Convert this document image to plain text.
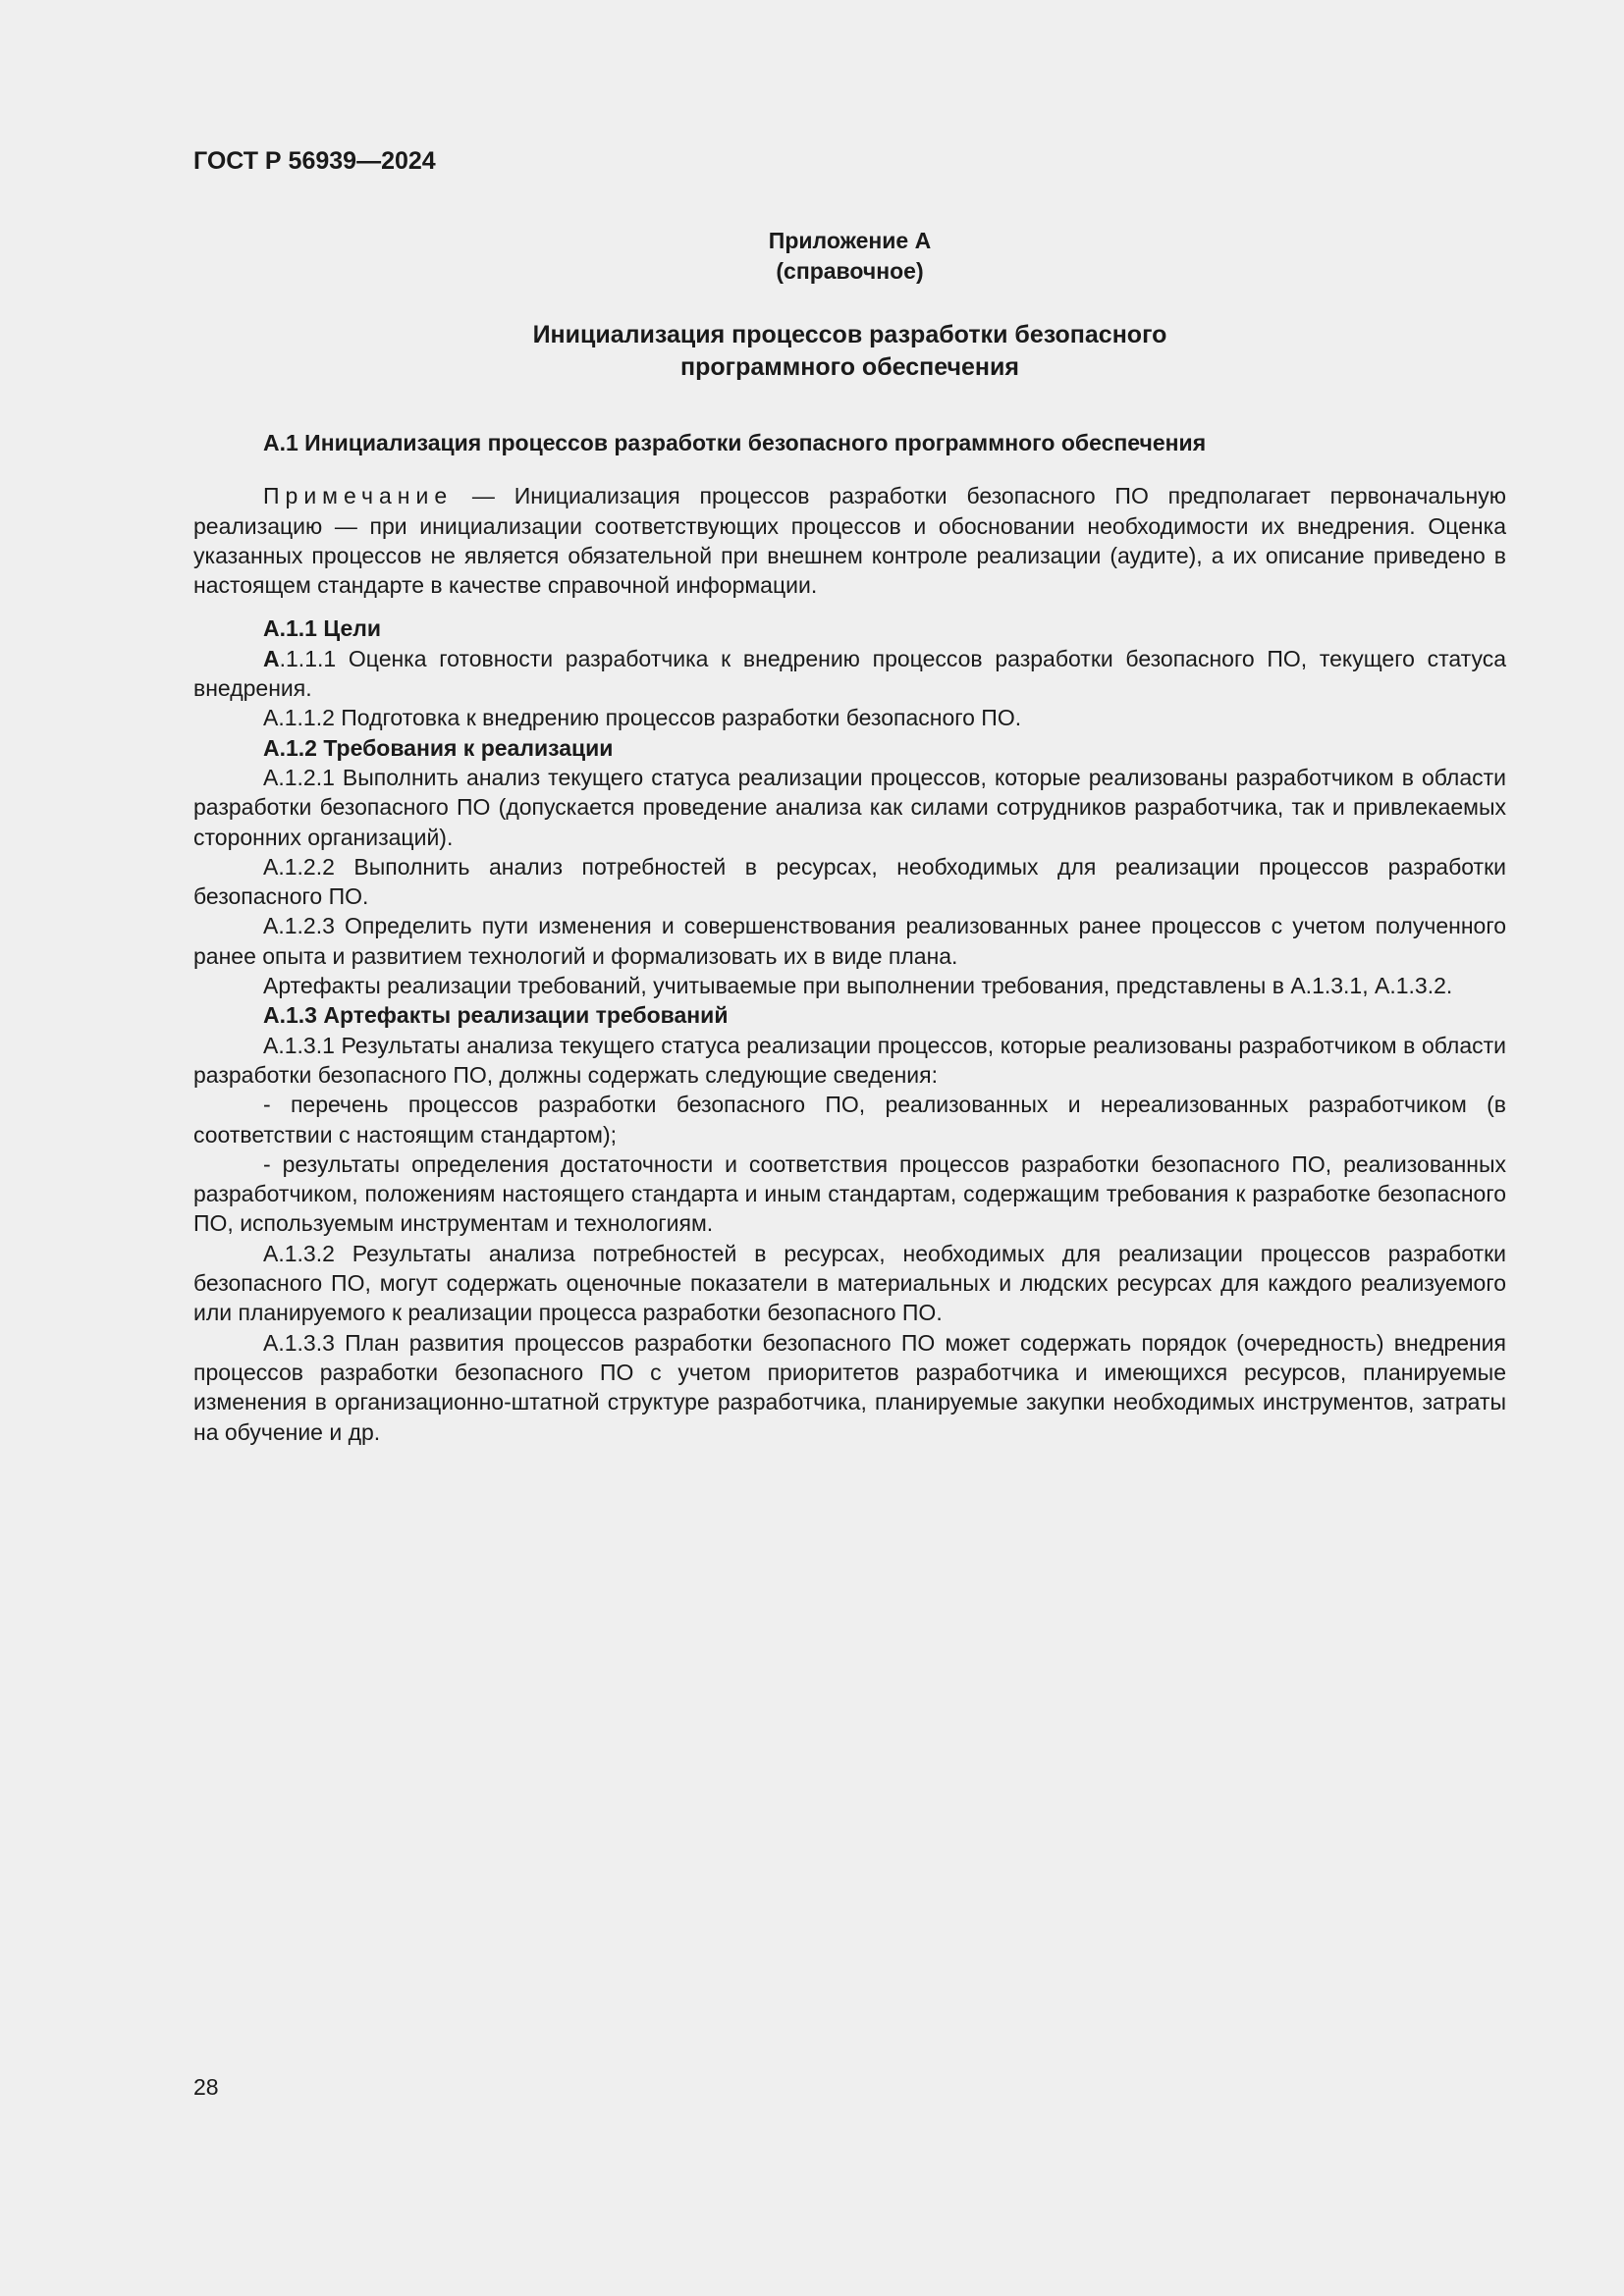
ГОСТ Р 56939—2024
Приложение А
(справочное)
Инициализация процессов разработки безопасного
программного обеспечения

А.1 Инициализация процессов разработки безопасного программного обеспечения

Примечание — Инициализация процессов разработки безопасного ПО предполагает первоначальную реализацию — при инициализации соответствующих процессов и обосновании необходимости их внедрения. Оценка указанных процессов не является обязательной при внешнем контроле реализации (аудите), а их описание приведено в настоящем стандарте в качестве справочной информации.

А.1.1 Цели

А.1.1.1 Оценка готовности разработчика к внедрению процессов разработки безопасного ПО, текущего статуса внедрения.

А.1.1.2 Подготовка к внедрению процессов разработки безопасного ПО.

А.1.2 Требования к реализации

А.1.2.1 Выполнить анализ текущего статуса реализации процессов, которые реализованы разработчиком в области разработки безопасного ПО (допускается проведение анализа как силами сотрудников разработчика, так и привлекаемых сторонних организаций).

А.1.2.2 Выполнить анализ потребностей в ресурсах, необходимых для реализации процессов разработки безопасного ПО.

А.1.2.3 Определить пути изменения и совершенствования реализованных ранее процессов с учетом полученного ранее опыта и развитием технологий и формализовать их в виде плана.

Артефакты реализации требований, учитываемые при выполнении требования, представлены в А.1.3.1, А.1.3.2.

А.1.3 Артефакты реализации требований

А.1.3.1 Результаты анализа текущего статуса реализации процессов, которые реализованы разработчиком в области разработки безопасного ПО, должны содержать следующие сведения:

- перечень процессов разработки безопасного ПО, реализованных и нереализованных разработчиком (в соответствии с настоящим стандартом);

- результаты определения достаточности и соответствия процессов разработки безопасного ПО, реализованных разработчиком, положениям настоящего стандарта и иным стандартам, содержащим требования к разработке безопасного ПО, используемым инструментам и технологиям.

А.1.3.2 Результаты анализа потребностей в ресурсах, необходимых для реализации процессов разработки безопасного ПО, могут содержать оценочные показатели в материальных и людских ресурсах для каждого реализуемого или планируемого к реализации процесса разработки безопасного ПО.

А.1.3.3 План развития процессов разработки безопасного ПО может содержать порядок (очередность) внедрения процессов разработки безопасного ПО с учетом приоритетов разработчика и имеющихся ресурсов, планируемые изменения в организационно-штатной структуре разработчика, планируемые закупки необходимых инструментов, затраты на обучение и др.

28
